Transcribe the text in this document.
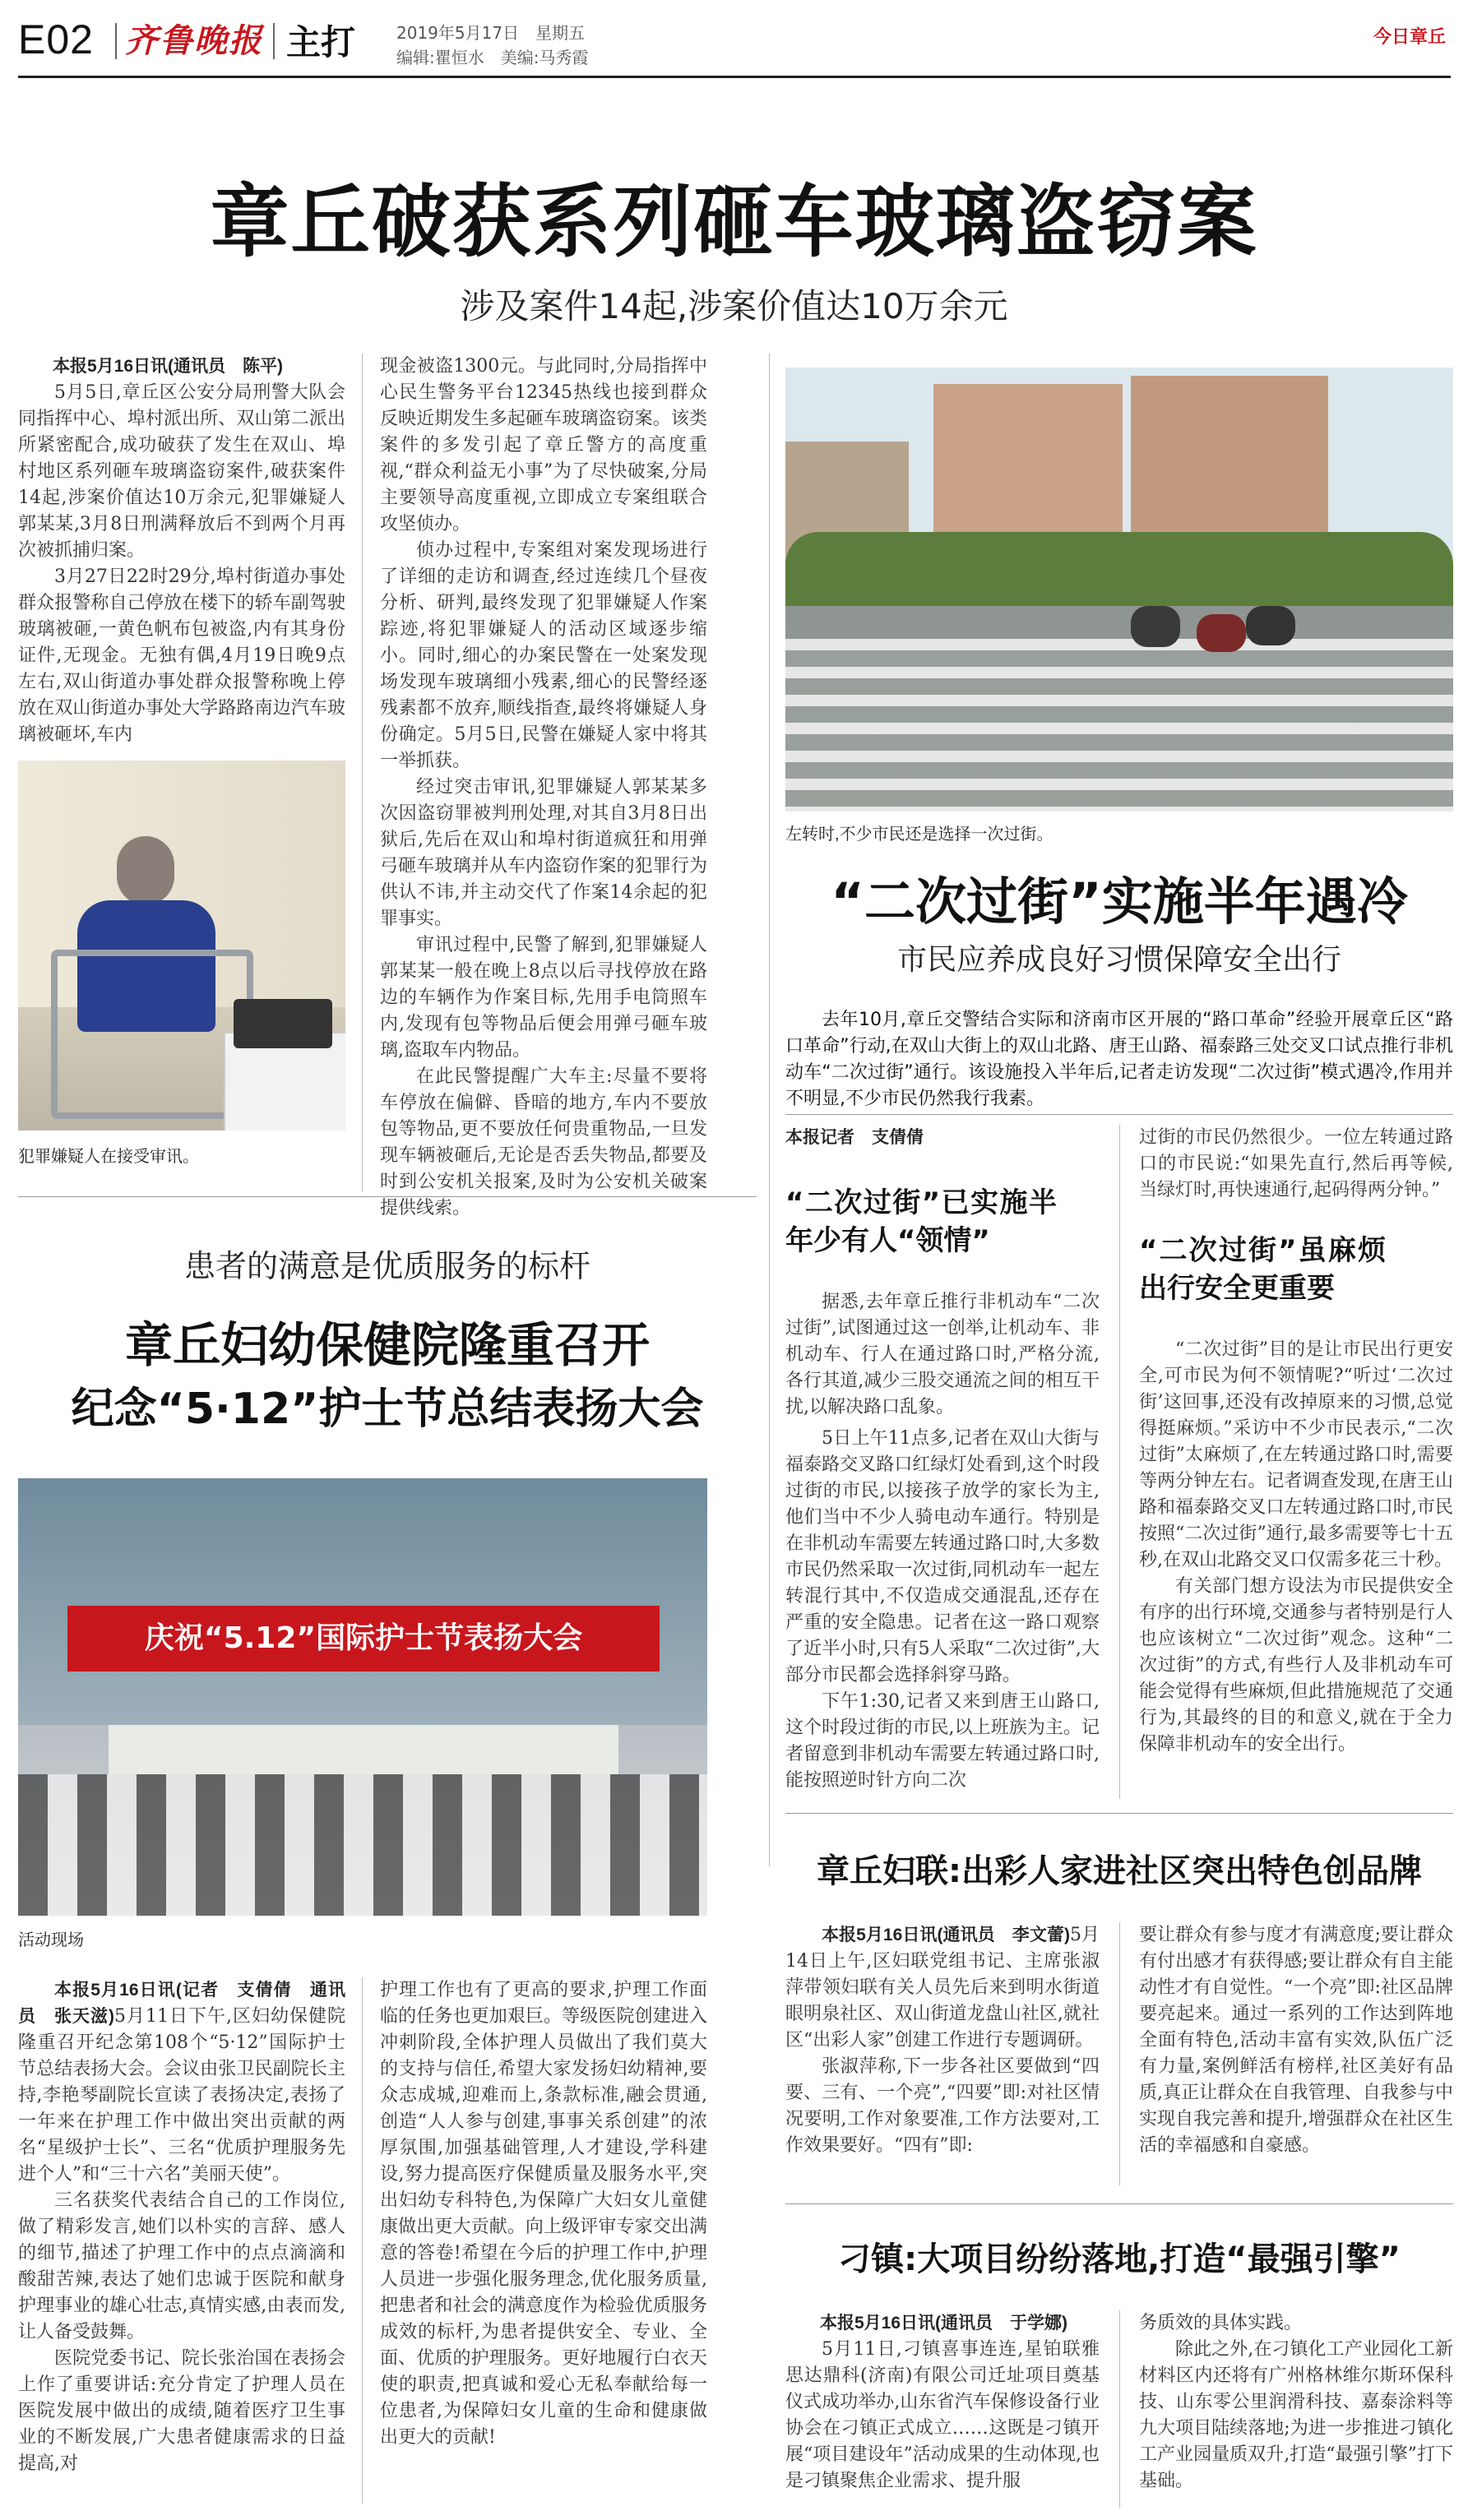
E02 齐鲁晚报 主打 2019年5月17日　 星期五
编辑:瞿恒水　 美编:马秀霞
今日章丘
章丘破获系列砸车玻璃盗窃案
涉及案件14起,涉案价值达10万余元
本报5月16日讯(通讯员　陈平)

5月5日,章丘区公安分局刑警大队会同指挥中心、埠村派出所、双山第二派出所紧密配合,成功破获了发生在双山、埠村地区系列砸车玻璃盗窃案件,破获案件14起,涉案价值达10万余元,犯罪嫌疑人郭某某,3月8日刑满释放后不到两个月再次被抓捕归案。

3月27日22时29分,埠村街道办事处群众报警称自己停放在楼下的轿车副驾驶玻璃被砸,一黄色帆布包被盗,内有其身份证件,无现金。无独有偶,4月19日晚9点左右,双山街道办事处群众报警称晚上停放在双山街道办事处大学路路南边汽车玻璃被砸坏,车内

犯罪嫌疑人在接受审讯。

现金被盗1300元。与此同时,分局指挥中心民生警务平台12345热线也接到群众反映近期发生多起砸车玻璃盗窃案。该类案件的多发引起了章丘警方的高度重视,“群众利益无小事”为了尽快破案,分局主要领导高度重视,立即成立专案组联合攻坚侦办。

侦办过程中,专案组对案发现场进行了详细的走访和调查,经过连续几个昼夜分析、研判,最终发现了犯罪嫌疑人作案踪迹,将犯罪嫌疑人的活动区域逐步缩小。同时,细心的办案民警在一处案发现场发现车玻璃细小残素,细心的民警经逐残素都不放弃,顺线指查,最终将嫌疑人身份确定。5月5日,民警在嫌疑人家中将其一举抓获。

经过突击审讯,犯罪嫌疑人郭某某多次因盗窃罪被判刑处理,对其自3月8日出狱后,先后在双山和埠村街道疯狂和用弹弓砸车玻璃并从车内盗窃作案的犯罪行为供认不讳,并主动交代了作案14余起的犯罪事实。

审讯过程中,民警了解到,犯罪嫌疑人郭某某一般在晚上8点以后寻找停放在路边的车辆作为作案目标,先用手电筒照车内,发现有包等物品后便会用弹弓砸车玻璃,盗取车内物品。

在此民警提醒广大车主:尽量不要将车停放在偏僻、昏暗的地方,车内不要放包等物品,更不要放任何贵重物品,一旦发现车辆被砸后,无论是否丢失物品,都要及时到公安机关报案,及时为公安机关破案提供线索。

左转时,不少市民还是选择一次过街。
“二次过街”实施半年遇冷
市民应养成良好习惯保障安全出行

去年10月,章丘交警结合实际和济南市区开展的“路口革命”经验开展章丘区“路口革命”行动,在双山大街上的双山北路、唐王山路、福泰路三处交叉口试点推行非机动车“二次过街”通行。该设施投入半年后,记者走访发现“二次过街”模式遇冷,作用并不明显,不少市民仍然我行我素。

本报记者　支倩倩
“二次过街”已实施半年少有人“领情”

据悉,去年章丘推行非机动车“二次过街”,试图通过这一创举,让机动车、非机动车、行人在通过路口时,严格分流,各行其道,减少三股交通流之间的相互干扰,以解决路口乱象。

5日上午11点多,记者在双山大街与福泰路交叉路口红绿灯处看到,这个时段过街的市民,以接孩子放学的家长为主,他们当中不少人骑电动车通行。特别是在非机动车需要左转通过路口时,大多数市民仍然采取一次过街,同机动车一起左转混行其中,不仅造成交通混乱,还存在严重的安全隐患。记者在这一路口观察了近半小时,只有5人采取“二次过街”,大部分市民都会选择斜穿马路。

下午1:30,记者又来到唐王山路口,这个时段过街的市民,以上班族为主。记者留意到非机动车需要左转通过路口时,能按照逆时针方向二次

过街的市民仍然很少。一位左转通过路口的市民说:“如果先直行,然后再等候,当绿灯时,再快速通行,起码得两分钟。”

“二次过街”虽麻烦出行安全更重要

“二次过街”目的是让市民出行更安全,可市民为何不领情呢?“听过‘二次过街’这回事,还没有改掉原来的习惯,总觉得挺麻烦。”采访中不少市民表示,“二次过街”太麻烦了,在左转通过路口时,需要等两分钟左右。记者调查发现,在唐王山路和福泰路交叉口左转通过路口时,市民按照“二次过街”通行,最多需要等七十五秒,在双山北路交叉口仅需多花三十秒。

有关部门想方设法为市民提供安全有序的出行环境,交通参与者特别是行人也应该树立“二次过街”观念。这种“二次过街”的方式,有些行人及非机动车可能会觉得有些麻烦,但此措施规范了交通行为,其最终的目的和意义,就在于全力保障非机动车的安全出行。

患者的满意是优质服务的标杆
章丘妇幼保健院隆重召开
纪念“5·12”护士节总结表扬大会
庆祝“5.12”国际护士节表扬大会
活动现场

本报5月16日讯(记者　支倩倩　通讯员　张天滋)5月11日下午,区妇幼保健院隆重召开纪念第108个“5·12”国际护士节总结表扬大会。会议由张卫民副院长主持,李艳琴副院长宣读了表扬决定,表扬了一年来在护理工作中做出突出贡献的两名“星级护士长”、三名“优质护理服务先进个人”和“三十六名”美丽天使”。

三名获奖代表结合自己的工作岗位,做了精彩发言,她们以朴实的言辞、感人的细节,描述了护理工作中的点点滴滴和酸甜苦辣,表达了她们忠诚于医院和献身护理事业的雄心壮志,真情实感,由表而发,让人备受鼓舞。

医院党委书记、院长张治国在表扬会上作了重要讲话:充分肯定了护理人员在医院发展中做出的成绩,随着医疗卫生事业的不断发展,广大患者健康需求的日益提高,对

护理工作也有了更高的要求,护理工作面临的任务也更加艰巨。等级医院创建进入冲刺阶段,全体护理人员做出了我们莫大的支持与信任,希望大家发扬妇幼精神,要众志成城,迎难而上,条款标准,融会贯通,创造“人人参与创建,事事关系创建”的浓厚氛围,加强基础管理,人才建设,学科建设,努力提高医疗保健质量及服务水平,突出妇幼专科特色,为保障广大妇女儿童健康做出更大贡献。向上级评审专家交出满意的答卷!希望在今后的护理工作中,护理人员进一步强化服务理念,优化服务质量,把患者和社会的满意度作为检验优质服务成效的标杆,为患者提供安全、专业、全面、优质的护理服务。更好地履行白衣天使的职责,把真诚和爱心无私奉献给每一位患者,为保障妇女儿童的生命和健康做出更大的贡献!

章丘妇联:出彩人家进社区突出特色创品牌

本报5月16日讯(通讯员　李文蕾)5月14日上午,区妇联党组书记、主席张淑萍带领妇联有关人员先后来到明水街道眼明泉社区、双山街道龙盘山社区,就社区“出彩人家”创建工作进行专题调研。

张淑萍称,下一步各社区要做到“四要、三有、一个亮”,“四要”即:对社区情况要明,工作对象要准,工作方法要对,工作效果要好。“四有”即:

要让群众有参与度才有满意度;要让群众有付出感才有获得感;要让群众有自主能动性才有自觉性。“一个亮”即:社区品牌要亮起来。通过一系列的工作达到阵地全面有特色,活动丰富有实效,队伍广泛有力量,案例鲜活有榜样,社区美好有品质,真正让群众在自我管理、自我参与中实现自我完善和提升,增强群众在社区生活的幸福感和自豪感。

刁镇:大项目纷纷落地,打造“最强引擎”
本报5月16日讯(通讯员　于学娜)

5月11日,刁镇喜事连连,星铂联雅思达鼎科(济南)有限公司迁址项目奠基仪式成功举办,山东省汽车保修设备行业协会在刁镇正式成立……这既是刁镇开展“项目建设年”活动成果的生动体现,也是刁镇聚焦企业需求、提升服

务质效的具体实践。

除此之外,在刁镇化工产业园化工新材料区内还将有广州格林维尔斯环保科技、山东零公里润滑科技、嘉泰涂料等九大项目陆续落地;为进一步推进刁镇化工产业园量质双升,打造“最强引擎”打下基础。
